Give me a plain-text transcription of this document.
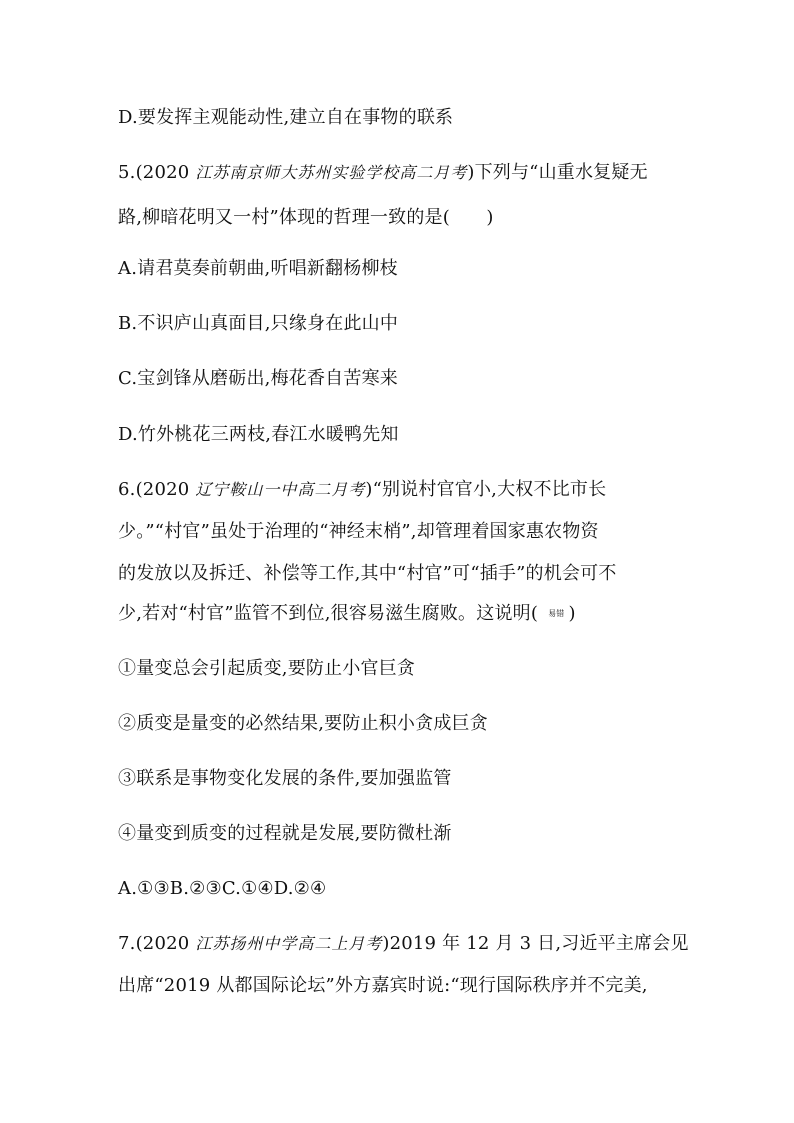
D.要发挥主观能动性,建立自在事物的联系
5.(2020 江苏南京师大苏州实验学校高二月考)下列与“山重水复疑无
路,柳暗花明又一村”体现的哲理一致的是(　　)
A.请君莫奏前朝曲,听唱新翻杨柳枝
B.不识庐山真面目,只缘身在此山中
C.宝剑锋从磨砺出,梅花香自苦寒来
D.竹外桃花三两枝,春江水暖鸭先知
6.(2020 辽宁鞍山一中高二月考)“别说村官官小,大权不比市长
少。”“村官”虽处于治理的“神经末梢”,却管理着国家惠农物资
的发放以及拆迁、补偿等工作,其中“村官”可“插手”的机会可不
少,若对“村官”监管不到位,很容易滋生腐败。这说明( 易错 )
①量变总会引起质变,要防止小官巨贪
②质变是量变的必然结果,要防止积小贪成巨贪
③联系是事物变化发展的条件,要加强监管
④量变到质变的过程就是发展,要防微杜渐
A.①③B.②③C.①④D.②④
7.(2020 江苏扬州中学高二上月考)2019 年 12 月 3 日,习近平主席会见
出席“2019 从都国际论坛”外方嘉宾时说:“现行国际秩序并不完美,
